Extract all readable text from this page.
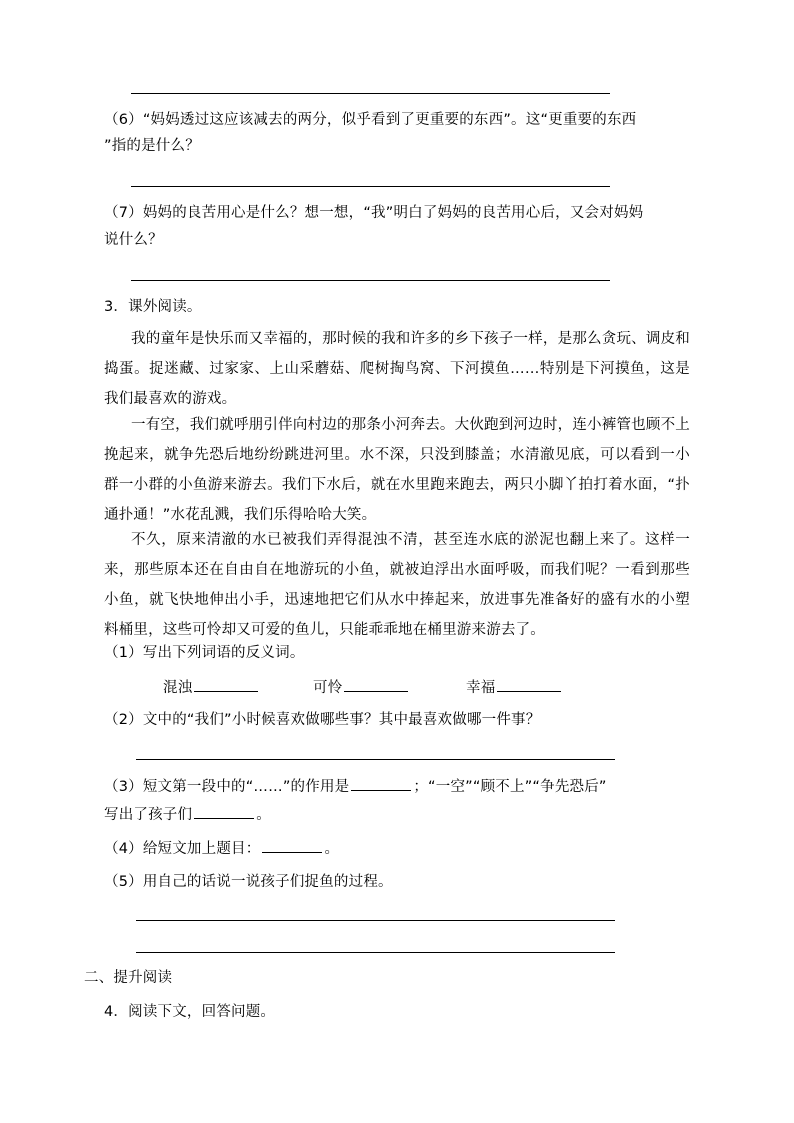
（6）“妈妈透过这应该减去的两分，似乎看到了更重要的东西”。这“更重要的东西
”指的是什么？
（7）妈妈的良苦用心是什么？想一想，“我”明白了妈妈的良苦用心后，又会对妈妈
说什么？
3．课外阅读。
我的童年是快乐而又幸福的，那时候的我和许多的乡下孩子一样，是那么贪玩、调皮和捣蛋。捉迷藏、过家家、上山采蘑菇、爬树掏鸟窝、下河摸鱼……特别是下河摸鱼，这是我们最喜欢的游戏。
一有空，我们就呼朋引伴向村边的那条小河奔去。大伙跑到河边时，连小裤管也顾不上挽起来，就争先恐后地纷纷跳进河里。水不深，只没到膝盖；水清澈见底，可以看到一小群一小群的小鱼游来游去。我们下水后，就在水里跑来跑去，两只小脚丫拍打着水面，“扑通扑通！”水花乱溅，我们乐得哈哈大笑。
不久，原来清澈的水已被我们弄得混浊不清，甚至连水底的淤泥也翻上来了。这样一来，那些原本还在自由自在地游玩的小鱼，就被迫浮出水面呼吸，而我们呢？一看到那些小鱼，就飞快地伸出小手，迅速地把它们从水中捧起来，放进事先准备好的盛有水的小塑料桶里，这些可怜却又可爱的鱼儿，只能乖乖地在桶里游来游去了。
（1）写出下列词语的反义词。
混浊	可怜	幸福
（2）文中的“我们”小时候喜欢做哪些事？其中最喜欢做哪一件事？
（3）短文第一段中的“……”的作用是	；“一空”“顾不上”“争先恐后”
写出了孩子们	。
（4）给短文加上题目：	。
（5）用自己的话说一说孩子们捉鱼的过程。
二、提升阅读
4．阅读下文，回答问题。
